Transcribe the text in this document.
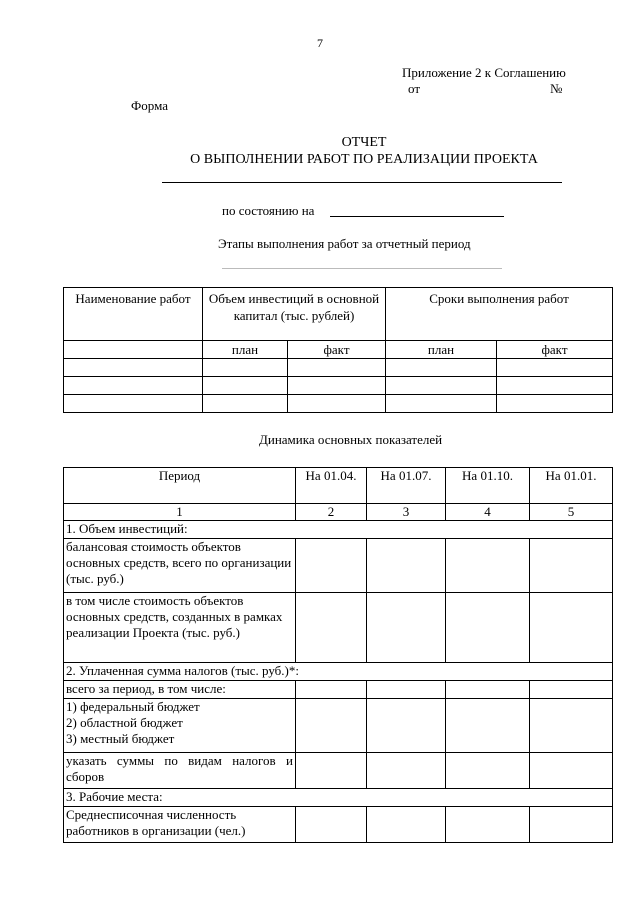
7
Приложение 2 к Соглашению
от	№
Форма
ОТЧЕТ
О ВЫПОЛНЕНИИ РАБОТ ПО РЕАЛИЗАЦИИ ПРОЕКТА
по состоянию на
Этапы выполнения работ за отчетный период
Наименование работ	Объем инвестиций в основной капитал (тыс. рублей)		Сроки выполнения работ	
	план	факт	план	факт

Динамика основных показателей
Период	На 01.04.	На 01.07.	На 01.10.	На 01.01.
1	2	3	4	5
1. Объем инвестиций:				
балансовая стоимость объектов основных средств, всего по организации (тыс. руб.)				
в том числе стоимость объектов основных средств, созданных в рамках реализации Проекта (тыс. руб.)				
2. Уплаченная сумма налогов (тыс. руб.)*:				
всего за период, в том числе:				

1) федеральный бюджет
2) областной бюджет
3) местный бюджет				

указать суммы по видам налогов и сборов				
3. Рабочие места:				
Среднесписочная численность работников в организации (чел.)				
